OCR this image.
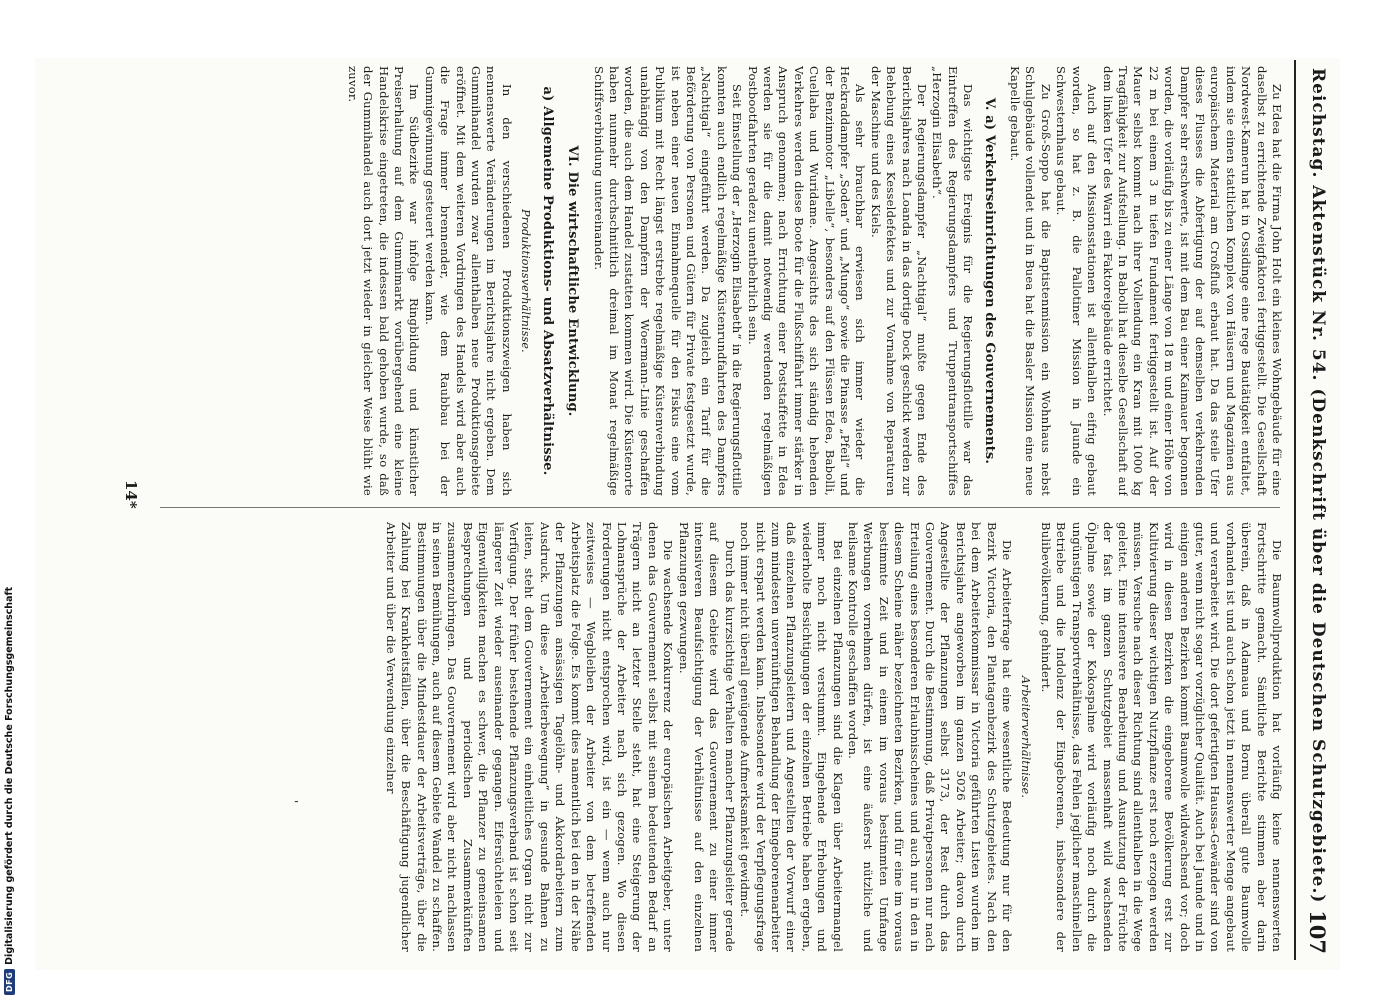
Reichstag. Aktenstück Nr. 54. (Denkschrift über die Deutschen Schutzgebiete.)
107

Zu Edea hat die Firma John Holt ein kleines Wohngebäude für eine daselbst zu errichtende Zweigfaktorei fertiggestellt. Die Gesellschaft Nordwest-Kamerun hat in Ossidinge eine rege Bautätigkeit entfaltet, indem sie einen stattlichen Komplex von Häusern und Magazinen aus europäischem Material am Croßfluß erbaut hat. Da das steile Ufer dieses Flusses die Abfertigung der auf demselben verkehrenden Dampfer sehr erschwerte, ist mit dem Bau einer Kaimauer begonnen worden, die vorläufig bis zu einer Länge von 18 m und einer Höhe von 22 m bei einem 3 m tiefen Fundament fertiggestellt ist. Auf der Mauer selbst kommt nach ihrer Vollendung ein Kran mit 1000 kg Tragfähigkeit zur Aufstellung. In Babolli hat dieselbe Gesellschaft auf dem linken Ufer des Warri ein Faktoreigebäude errichtet.

Auch auf den Missionsstationen ist allenthalben eifrig gebaut worden, so hat z. B. die Pallotiner Mission in Jaunde ein Schwesternhaus gebaut.

Zu Groß-Soppo hat die Baptistenmission ein Wohnhaus nebst Schulgebäude vollendet und in Buea hat die Basler Mission eine neue Kapelle gebaut.

V. a) Verkehrseinrichtungen des Gouvernements.

Das wichtigste Ereignis für die Regierungsflottille war das Eintreffen des Regierungsdampfers und Truppentransportschiffes „Herzogin Elisabeth“.

Der Regierungsdampfer „Nachtigal“ mußte gegen Ende des Berichtsjahres nach Loanda in das dortige Dock geschickt werden zur Behebung eines Kesseldefektes und zur Vornahme von Reparaturen der Maschine und des Kiels.

Als sehr brauchbar erwiesen sich immer wieder die Heckraddampfer „Soden“ und „Mungo“ sowie die Pinasse „Pfeil“ und der Benzinmotor „Libelle“, besonders auf den Flüssen Edea, Babolli, Cuellaba und Wuridame. Angesichts des sich ständig hebenden Verkehres werden diese Boote für die Flußschiffahrt immer stärker in Anspruch genommen; nach Errichtung einer Poststaffette in Edea werden sie für die damit notwendig werdenden regelmäßigen Postbootfahrten geradezu unentbehrlich sein.

Seit Einstellung der „Herzogin Elisabeth“ in die Regierungsflottille konnten auch endlich regelmäßige Küstenrundfahrten des Dampfers „Nachtigal“ eingeführt werden. Da zugleich ein Tarif für die Beförderung von Personen und Gütern für Private festgesetzt wurde, ist neben einer neuen Einnahmequelle für den Fiskus eine vom Publikum mit Recht längst erstrebte regelmäßige Küstenverbindung unabhängig von den Dampfern der Woermann-Linie geschaffen worden, die auch dem Handel zustatten kommen wird. Die Küstenorte haben nunmehr durchschnittlich dreimal im Monat regelmäßige Schiffsverbindung untereinander.

VI. Die wirtschaftliche Entwicklung.

a) Allgemeine Produktions- und Absatzverhältnisse.

Produktionsverhältnisse.

In den verschiedenen Produktionszweigen haben sich nennenswerte Veränderungen im Berichtsjahre nicht ergeben. Dem Gummihandel wurden zwar allenthalben neue Produktionsgebiete eröffnet. Mit dem weiteren Vordringen des Handels wird aber auch die Frage immer brennender, wie dem Raubbau bei der Gummigewinnung gesteuert werden kann.

Im Südbezirke war infolge Ringbildung und künstlicher Preiserhaltung auf dem Gummimarkt vorübergehend eine kleine Handelskrise eingetreten, die indessen bald gehoben wurde, so daß der Gummihandel auch dort jetzt wieder in gleicher Weise blüht wie zuvor.

Die Baumwollproduktion hat vorläufig keine nennenswerten Fortschritte gemacht. Sämtliche Berichte stimmen aber darin überein, daß in Adamaua und Bornu überall gute Baumwolle vorhanden ist und auch schon jetzt in nennenswerter Menge angebaut und verarbeitet wird. Die dort gefertigten Haussa-Gewänder sind von guter, wenn nicht sogar vorzüglicher Qualität. Auch bei Jaunde und in einigen anderen Bezirken kommt Baumwolle wildwachsend vor; doch wird in diesen Bezirken die eingeborene Bevölkerung erst zur Kultivierung dieser wichtigen Nutzpflanze erst noch erzogen werden müssen. Versuche nach dieser Richtung sind allenthalben in die Wege geleitet. Eine intensivere Bearbeitung und Ausnutzung der Früchte der fast im ganzen Schutzgebiet massenhaft wild wachsenden Ölpalme sowie der Kokospalme wird vorläufig noch durch die ungünstigen Transportverhältnisse, das Fehlen jeglicher maschinellen Betriebe und die Indolenz der Eingeborenen, insbesondere der Bulibevölkerung, gehindert.

Arbeiterverhältnisse.

Die Arbeiterfrage hat eine wesentliche Bedeutung nur für den Bezirk Victoria, den Plantagenbezirk des Schutzgebietes. Nach den bei dem Arbeiterkommissar in Victoria geführten Listen wurden im Berichtsjahre angeworben im ganzen 5026 Arbeiter; davon durch Angestellte der Pflanzungen selbst 3173, der Rest durch das Gouvernement. Durch die Bestimmung, daß Privatpersonen nur nach Erteilung eines besonderen Erlaubnisscheines und auch nur in den in diesem Scheine näher bezeichneten Bezirken, und für eine im voraus bestimmte Zeit und in einem im voraus bestimmten Umfange Werbungen vornehmen dürfen, ist eine äußerst nützliche und heilsame Kontrolle geschaffen worden.

Bei einzelnen Pflanzungen sind die Klagen über Arbeitermangel immer noch nicht verstummt. Eingehende Erhebungen und wiederholte Besichtigungen der einzelnen Betriebe haben ergeben, daß einzelnen Pflanzungsleitern und Angestellten der Vorwurf einer zum mindesten unvernünftigen Behandlung der Eingeborenenarbeiter nicht erspart werden kann. Insbesondere wird der Verpflegungsfrage noch immer nicht überall genügende Aufmerksamkeit gewidmet.

Durch das kurzsichtige Verhalten mancher Pflanzungsleiter gerade auf diesem Gebiete wird das Gouvernement zu einer immer intensiveren Beaufsichtigung der Verhältnisse auf den einzelnen Pflanzungen gezwungen.

Die wachsende Konkurrenz der europäischen Arbeitgeber, unter denen das Gouvernement selbst mit seinem bedeutenden Bedarf an Trägern nicht an letzter Stelle steht, hat eine Steigerung der Lohnansprüche der Arbeiter nach sich gezogen. Wo diesen Forderungen nicht entsprochen wird, ist ein — wenn auch nur zeitweises — Wegbleiben der Arbeiter von dem betreffenden Arbeitsplatz die Folge. Es kommt dies namentlich bei den in der Nähe der Pflanzungen ansässigen Tagelöhn- und Akkordarbeitern zum Ausdruck. Um diese „Arbeiterbewegung“ in gesunde Bahnen zu leiten, steht dem Gouvernement ein einheitliches Organ nicht zur Verfügung. Der früher bestehende Pflanzungsverband ist schon seit längerer Zeit wieder auseinander gegangen. Eifersüchteleien und Eigenwilligkeiten machen es schwer, die Pflanzer zu gemeinsamen Besprechungen und periodischen Zusammenkünften zusammenzubringen. Das Gouvernement wird aber nicht nachlassen in seinen Bemühungen, auch auf diesem Gebiete Wandel zu schaffen. Bestimmungen über die Mindestdauer der Arbeitsverträge, über die Zahlung bei Krankheitsfällen, über die Beschäftigung jugendlicher Arbeiter und über die Verwendung einzelner

'
14*
DFG
Digitalisierung gefördert durch die Deutsche Forschungsgemeinschaft
